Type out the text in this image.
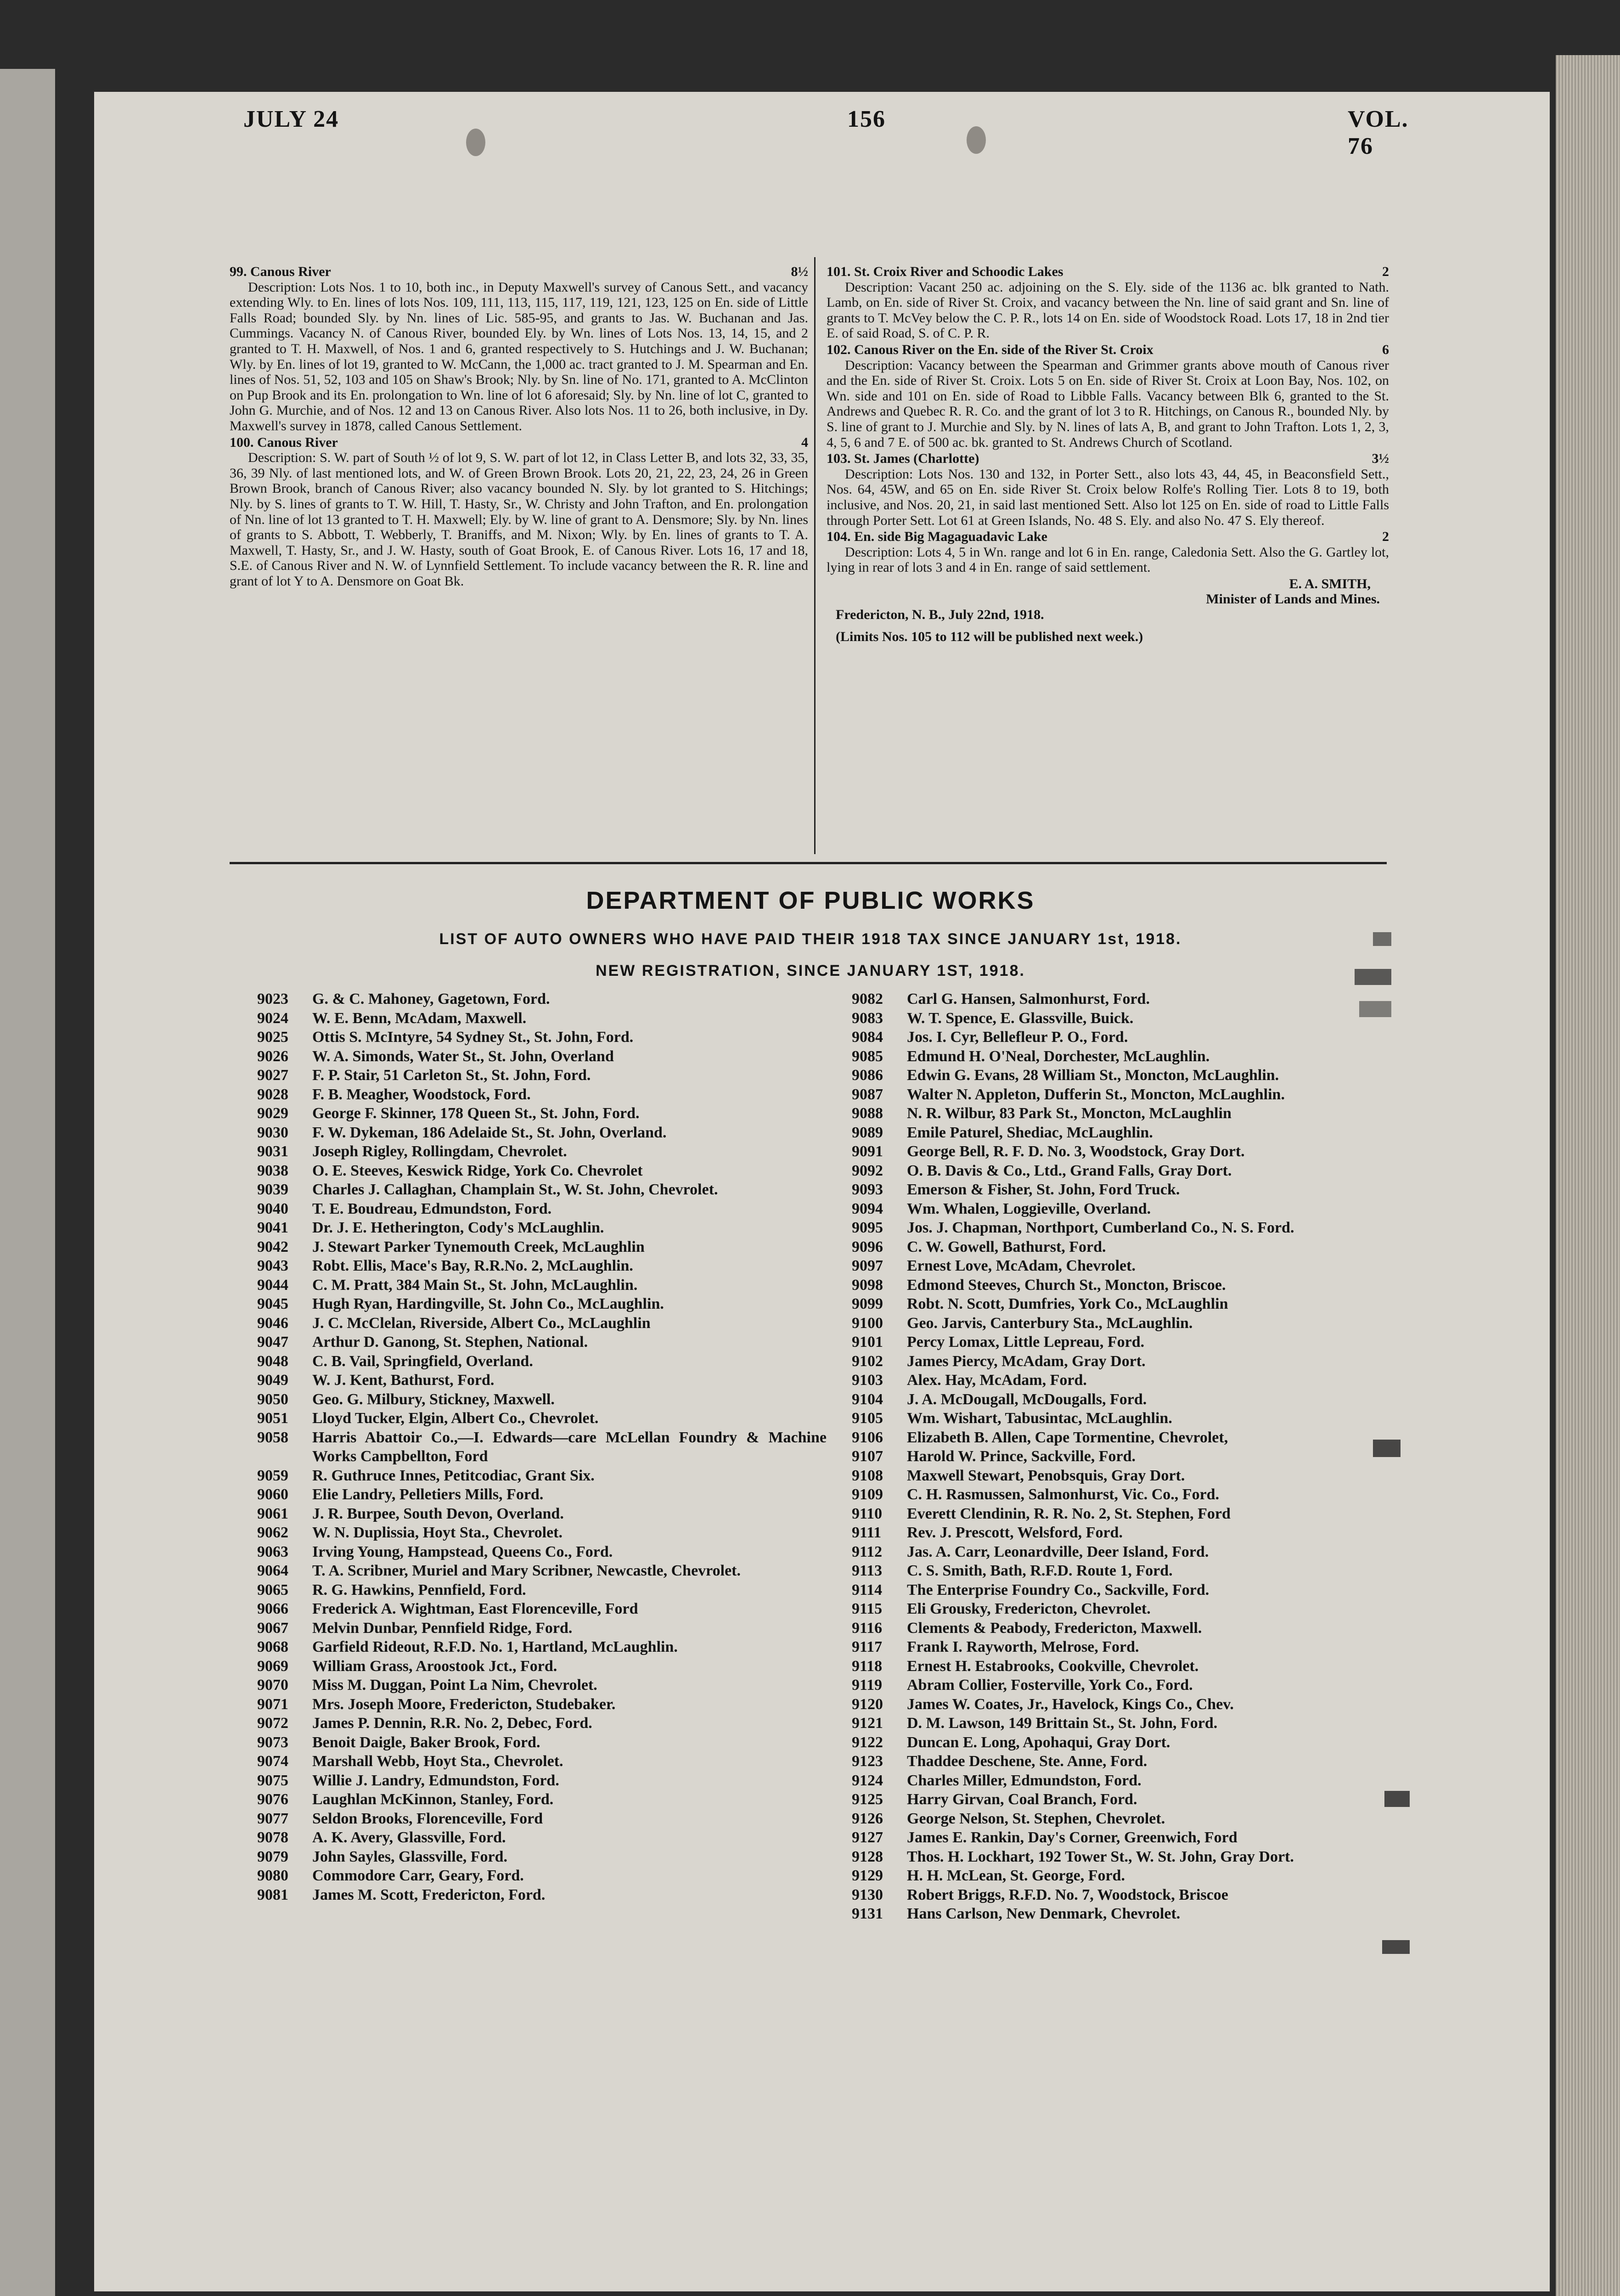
JULY 24	156	VOL. 76
99. Canous River	8½

Description: Lots Nos. 1 to 10, both inc., in Deputy Maxwell's survey of Canous Sett., and vacancy extending Wly. to En. lines of lots Nos. 109, 111, 113, 115, 117, 119, 121, 123, 125 on En. side of Little Falls Road; bounded Sly. by Nn. lines of Lic. 585-95, and grants to Jas. W. Buchanan and Jas. Cummings. Vacancy N. of Canous River, bounded Ely. by Wn. lines of Lots Nos. 13, 14, 15, and 2 granted to T. H. Maxwell, of Nos. 1 and 6, granted respectively to S. Hutchings and J. W. Buchanan; Wly. by En. lines of lot 19, granted to W. McCann, the 1,000 ac. tract granted to J. M. Spearman and En. lines of Nos. 51, 52, 103 and 105 on Shaw's Brook; Nly. by Sn. line of No. 171, granted to A. McClinton on Pup Brook and its En. prolongation to Wn. line of lot 6 aforesaid; Sly. by Nn. line of lot C, granted to John G. Murchie, and of Nos. 12 and 13 on Canous River. Also lots Nos. 11 to 26, both inclusive, in Dy. Maxwell's survey in 1878, called Canous Settlement.

100. Canous River	4

Description: S. W. part of South ½ of lot 9, S. W. part of lot 12, in Class Letter B, and lots 32, 33, 35, 36, 39 Nly. of last mentioned lots, and W. of Green Brown Brook. Lots 20, 21, 22, 23, 24, 26 in Green Brown Brook, branch of Canous River; also vacancy bounded N. Sly. by lot granted to S. Hitchings; Nly. by S. lines of grants to T. W. Hill, T. Hasty, Sr., W. Christy and John Trafton, and En. prolongation of Nn. line of lot 13 granted to T. H. Maxwell; Ely. by W. line of grant to A. Densmore; Sly. by Nn. lines of grants to S. Abbott, T. Webberly, T. Braniffs, and M. Nixon; Wly. by En. lines of grants to T. A. Maxwell, T. Hasty, Sr., and J. W. Hasty, south of Goat Brook, E. of Canous River. Lots 16, 17 and 18, S.E. of Canous River and N. W. of Lynnfield Settlement. To include vacancy between the R. R. line and grant of lot Y to A. Densmore on Goat Bk.

101. St. Croix River and Schoodic Lakes	2

Description: Vacant 250 ac. adjoining on the S. Ely. side of the 1136 ac. blk granted to Nath. Lamb, on En. side of River St. Croix, and vacancy between the Nn. line of said grant and Sn. line of grants to T. McVey below the C. P. R., lots 14 on En. side of Woodstock Road. Lots 17, 18 in 2nd tier E. of said Road, S. of C. P. R.

102. Canous River on the En. side of the River St. Croix	6

Description: Vacancy between the Spearman and Grimmer grants above mouth of Canous river and the En. side of River St. Croix. Lots 5 on En. side of River St. Croix at Loon Bay, Nos. 102, on Wn. side and 101 on En. side of Road to Libble Falls. Vacancy between Blk 6, granted to the St. Andrews and Quebec R. R. Co. and the grant of lot 3 to R. Hitchings, on Canous R., bounded Nly. by S. line of grant to J. Murchie and Sly. by N. lines of lats A, B, and grant to John Trafton. Lots 1, 2, 3, 4, 5, 6 and 7 E. of 500 ac. bk. granted to St. Andrews Church of Scotland.

103. St. James (Charlotte)	3½

Description: Lots Nos. 130 and 132, in Porter Sett., also lots 43, 44, 45, in Beaconsfield Sett., Nos. 64, 45W, and 65 on En. side River St. Croix below Rolfe's Rolling Tier. Lots 8 to 19, both inclusive, and Nos. 20, 21, in said last mentioned Sett. Also lot 125 on En. side of road to Little Falls through Porter Sett. Lot 61 at Green Islands, No. 48 S. Ely. and also No. 47 S. Ely thereof.

104. En. side Big Magaguadavic Lake	2

Description: Lots 4, 5 in Wn. range and lot 6 in En. range, Caledonia Sett. Also the G. Gartley lot, lying in rear of lots 3 and 4 in En. range of said settlement.

E. A. SMITH,
Minister of Lands and Mines.
Fredericton, N. B., July 22nd, 1918.
(Limits Nos. 105 to 112 will be published next week.)
DEPARTMENT OF PUBLIC WORKS
LIST OF AUTO OWNERS WHO HAVE PAID THEIR 1918 TAX SINCE JANUARY 1st, 1918.
NEW REGISTRATION, SINCE JANUARY 1ST, 1918.
9023	G. & C. Mahoney, Gagetown, Ford.
9024	W. E. Benn, McAdam, Maxwell.
9025	Ottis S. McIntyre, 54 Sydney St., St. John, Ford.
9026	W. A. Simonds, Water St., St. John, Overland
9027	F. P. Stair, 51 Carleton St., St. John, Ford.
9028	F. B. Meagher, Woodstock, Ford.
9029	George F. Skinner, 178 Queen St., St. John, Ford.
9030	F. W. Dykeman, 186 Adelaide St., St. John, Overland.
9031	Joseph Rigley, Rollingdam, Chevrolet.
9038	O. E. Steeves, Keswick Ridge, York Co. Chevrolet
9039	Charles J. Callaghan, Champlain St., W. St. John, Chevrolet.
9040	T. E. Boudreau, Edmundston, Ford.
9041	Dr. J. E. Hetherington, Cody's McLaughlin.
9042	J. Stewart Parker Tynemouth Creek, McLaughlin
9043	Robt. Ellis, Mace's Bay, R.R.No. 2, McLaughlin.
9044	C. M. Pratt, 384 Main St., St. John, McLaughlin.
9045	Hugh Ryan, Hardingville, St. John Co., McLaughlin.
9046	J. C. McClelan, Riverside, Albert Co., McLaughlin
9047	Arthur D. Ganong, St. Stephen, National.
9048	C. B. Vail, Springfield, Overland.
9049	W. J. Kent, Bathurst, Ford.
9050	Geo. G. Milbury, Stickney, Maxwell.
9051	Lloyd Tucker, Elgin, Albert Co., Chevrolet.
9058	Harris Abattoir Co.,—I. Edwards—care McLellan Foundry & Machine Works Campbellton, Ford
9059	R. Guthruce Innes, Petitcodiac, Grant Six.
9060	Elie Landry, Pelletiers Mills, Ford.
9061	J. R. Burpee, South Devon, Overland.
9062	W. N. Duplissia, Hoyt Sta., Chevrolet.
9063	Irving Young, Hampstead, Queens Co., Ford.
9064	T. A. Scribner, Muriel and Mary Scribner, Newcastle, Chevrolet.
9065	R. G. Hawkins, Pennfield, Ford.
9066	Frederick A. Wightman, East Florenceville, Ford
9067	Melvin Dunbar, Pennfield Ridge, Ford.
9068	Garfield Rideout, R.F.D. No. 1, Hartland, McLaughlin.
9069	William Grass, Aroostook Jct., Ford.
9070	Miss M. Duggan, Point La Nim, Chevrolet.
9071	Mrs. Joseph Moore, Fredericton, Studebaker.
9072	James P. Dennin, R.R. No. 2, Debec, Ford.
9073	Benoit Daigle, Baker Brook, Ford.
9074	Marshall Webb, Hoyt Sta., Chevrolet.
9075	Willie J. Landry, Edmundston, Ford.
9076	Laughlan McKinnon, Stanley, Ford.
9077	Seldon Brooks, Florenceville, Ford
9078	A. K. Avery, Glassville, Ford.
9079	John Sayles, Glassville, Ford.
9080	Commodore Carr, Geary, Ford.
9081	James M. Scott, Fredericton, Ford.
9082	Carl G. Hansen, Salmonhurst, Ford.
9083	W. T. Spence, E. Glassville, Buick.
9084	Jos. I. Cyr, Bellefleur P. O., Ford.
9085	Edmund H. O'Neal, Dorchester, McLaughlin.
9086	Edwin G. Evans, 28 William St., Moncton, McLaughlin.
9087	Walter N. Appleton, Dufferin St., Moncton, McLaughlin.
9088	N. R. Wilbur, 83 Park St., Moncton, McLaughlin
9089	Emile Paturel, Shediac, McLaughlin.
9091	George Bell, R. F. D. No. 3, Woodstock, Gray Dort.
9092	O. B. Davis & Co., Ltd., Grand Falls, Gray Dort.
9093	Emerson & Fisher, St. John, Ford Truck.
9094	Wm. Whalen, Loggieville, Overland.
9095	Jos. J. Chapman, Northport, Cumberland Co., N. S. Ford.
9096	C. W. Gowell, Bathurst, Ford.
9097	Ernest Love, McAdam, Chevrolet.
9098	Edmond Steeves, Church St., Moncton, Briscoe.
9099	Robt. N. Scott, Dumfries, York Co., McLaughlin
9100	Geo. Jarvis, Canterbury Sta., McLaughlin.
9101	Percy Lomax, Little Lepreau, Ford.
9102	James Piercy, McAdam, Gray Dort.
9103	Alex. Hay, McAdam, Ford.
9104	J. A. McDougall, McDougalls, Ford.
9105	Wm. Wishart, Tabusintac, McLaughlin.
9106	Elizabeth B. Allen, Cape Tormentine, Chevrolet,
9107	Harold W. Prince, Sackville, Ford.
9108	Maxwell Stewart, Penobsquis, Gray Dort.
9109	C. H. Rasmussen, Salmonhurst, Vic. Co., Ford.
9110	Everett Clendinin, R. R. No. 2, St. Stephen, Ford
9111	Rev. J. Prescott, Welsford, Ford.
9112	Jas. A. Carr, Leonardville, Deer Island, Ford.
9113	C. S. Smith, Bath, R.F.D. Route 1, Ford.
9114	The Enterprise Foundry Co., Sackville, Ford.
9115	Eli Grousky, Fredericton, Chevrolet.
9116	Clements & Peabody, Fredericton, Maxwell.
9117	Frank I. Rayworth, Melrose, Ford.
9118	Ernest H. Estabrooks, Cookville, Chevrolet.
9119	Abram Collier, Fosterville, York Co., Ford.
9120	James W. Coates, Jr., Havelock, Kings Co., Chev.
9121	D. M. Lawson, 149 Brittain St., St. John, Ford.
9122	Duncan E. Long, Apohaqui, Gray Dort.
9123	Thaddee Deschene, Ste. Anne, Ford.
9124	Charles Miller, Edmundston, Ford.
9125	Harry Girvan, Coal Branch, Ford.
9126	George Nelson, St. Stephen, Chevrolet.
9127	James E. Rankin, Day's Corner, Greenwich, Ford
9128	Thos. H. Lockhart, 192 Tower St., W. St. John, Gray Dort.
9129	H. H. McLean, St. George, Ford.
9130	Robert Briggs, R.F.D. No. 7, Woodstock, Briscoe
9131	Hans Carlson, New Denmark, Chevrolet.
